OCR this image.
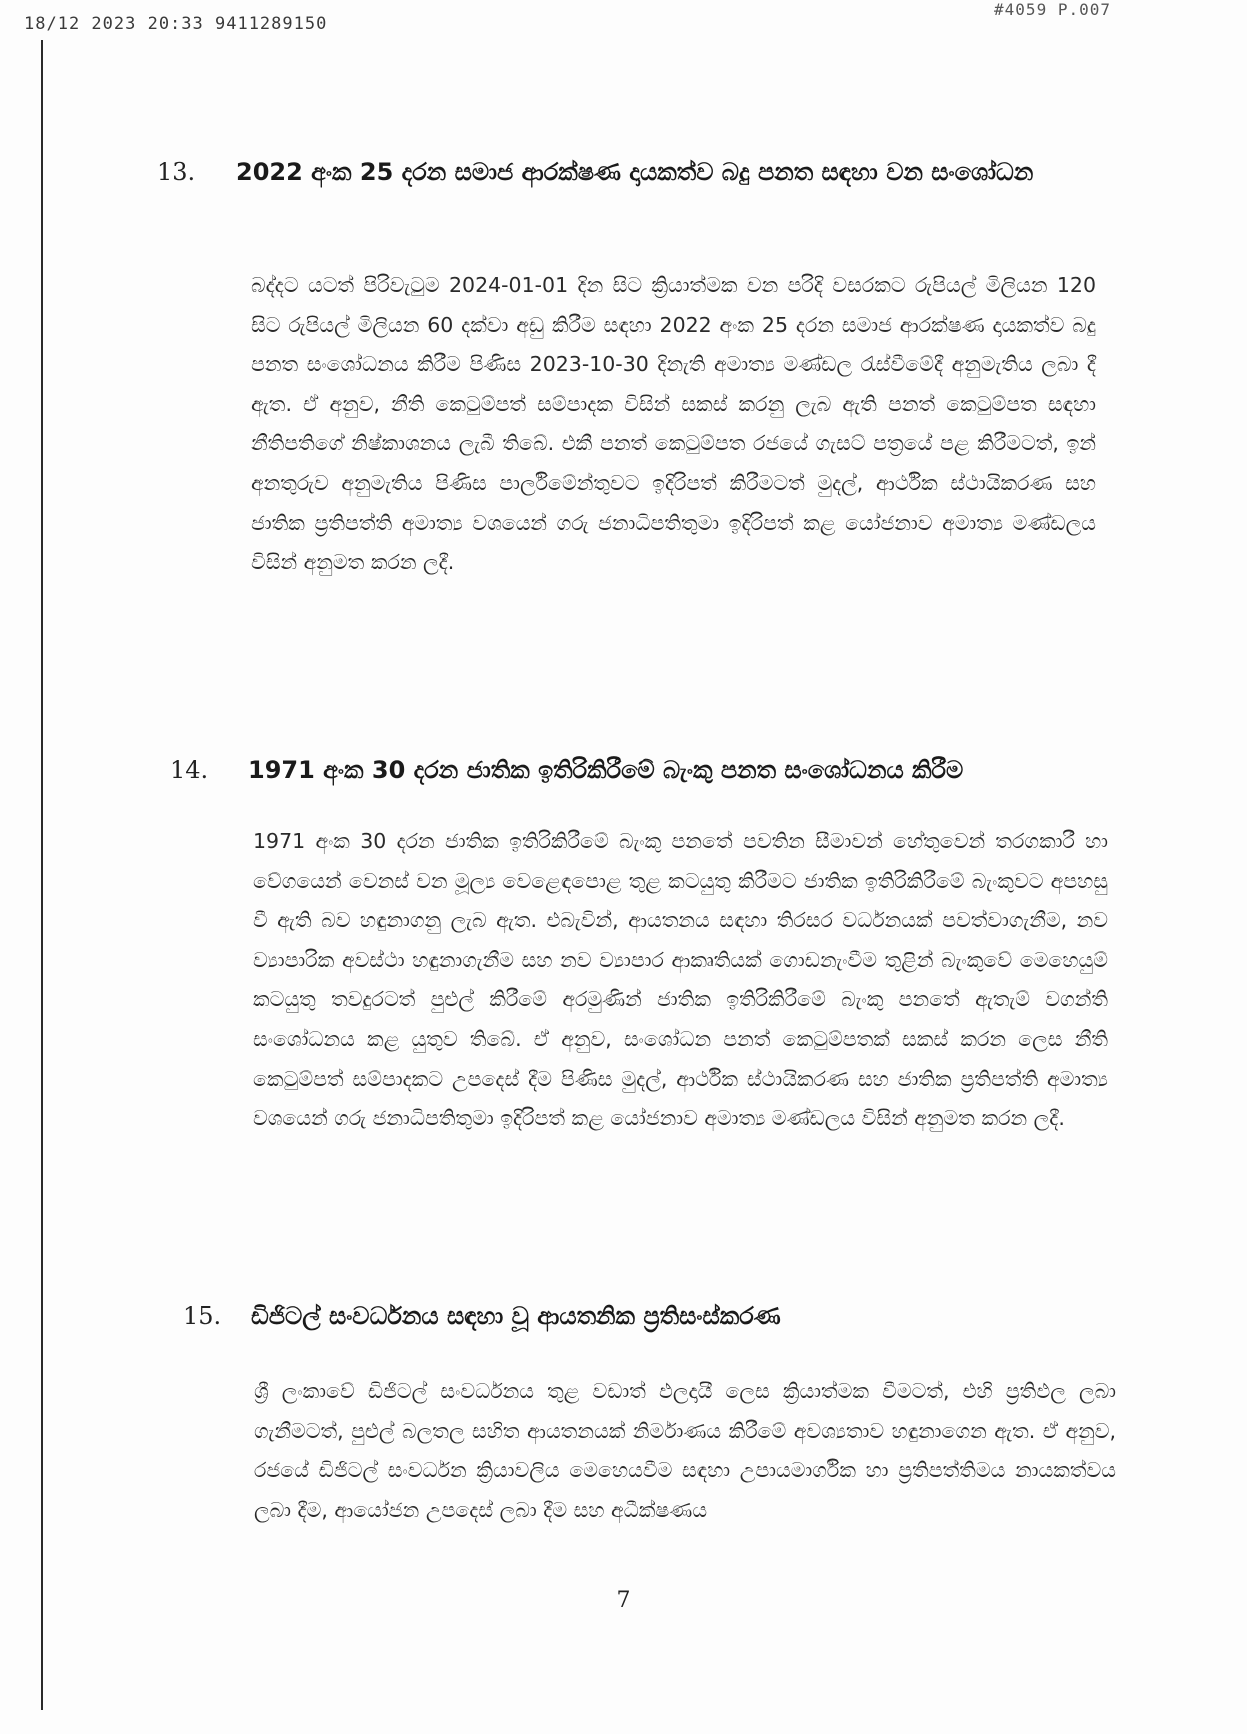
18/12 2023 20:33 9411289150
#4059 P.007
13. 2022 අංක 25 දරන සමාජ ආරක්ෂණ දායකත්ව බදු පනත සඳහා වන සංශෝධන
බද්දට යටත් පිරිවැටුම 2024-01-01 දින සිට ක්‍රියාත්මක වන පරිදි වසරකට රුපියල් මිලියන 120 සිට රුපියල් මිලියන 60 දක්වා අඩු කිරීම සඳහා 2022 අංක 25 දරන සමාජ ආරක්ෂණ දායකත්ව බදු පනත සංශෝධනය කිරීම පිණිස 2023-10-30 දිනැති අමාත්‍ය මණ්ඩල රැස්වීමේදී අනුමැතිය ලබා දී ඇත. ඒ අනුව, නීති කෙටුම්පත් සම්පාදක විසින් සකස් කරනු ලැබ ඇති පනත් කෙටුම්පත සඳහා නීතිපතිගේ නිෂ්කාශනය ලැබී තිබේ. එකී පනත් කෙටුම්පත රජයේ ගැසට් පත්‍රයේ පළ කිරීමටත්, ඉන් අනතුරුව අනුමැතිය පිණිස පාර්ලිමේන්තුවට ඉදිරිපත් කිරීමටත් මුදල්, ආර්ථික ස්ථායිකරණ සහ ජාතික ප්‍රතිපත්ති අමාත්‍ය වශයෙන් ගරු ජනාධිපතිතුමා ඉදිරිපත් කළ යෝජනාව අමාත්‍ය මණ්ඩලය විසින් අනුමත කරන ලදී.
14. 1971 අංක 30 දරන ජාතික ඉතිරිකිරීමේ බැංකු පනත සංශෝධනය කිරීම
1971 අංක 30 දරන ජාතික ඉතිරිකිරීමේ බැංකු පනතේ පවතින සීමාවන් හේතුවෙන් තරගකාරී හා වේගයෙන් වෙනස් වන මූල්‍ය වෙළෙඳපොළ තුළ කටයුතු කිරීමට ජාතික ඉතිරිකිරීමේ බැංකුවට අපහසු වී ඇති බව හඳුනාගනු ලැබ ඇත. එබැවින්, ආයතනය සඳහා තිරසර වර්ධනයක් පවත්වාගැනීම, නව ව්‍යාපාරික අවස්ථා හඳුනාගැනීම සහ නව ව්‍යාපාර ආකෘතියක් ගොඩනැංවීම තුළින් බැංකුවේ මෙහෙයුම් කටයුතු තවදුරටත් පුළුල් කිරීමේ අරමුණින් ජාතික ඉතිරිකිරීමේ බැංකු පනතේ ඇතැම් වගන්ති සංශෝධනය කළ යුතුව තිබේ. ඒ අනුව, සංශෝධන පනත් කෙටුම්පතක් සකස් කරන ලෙස නීති කෙටුම්පත් සම්පාදකට උපදෙස් දීම පිණිස මුදල්, ආර්ථික ස්ථායිකරණ සහ ජාතික ප්‍රතිපත්ති අමාත්‍ය වශයෙන් ගරු ජනාධිපතිතුමා ඉදිරිපත් කළ යෝජනාව අමාත්‍ය මණ්ඩලය විසින් අනුමත කරන ලදී.
15. ඩිජිටල් සංවර්ධනය සඳහා වූ ආයතනික ප්‍රතිසංස්කරණ
ශ්‍රී ලංකාවේ ඩිජිටල් සංවර්ධනය තුළ වඩාත් ඵලදායී ලෙස ක්‍රියාත්මක වීමටත්, එහි ප්‍රතිඵල ලබා ගැනීමටත්, පුළුල් බලතල සහිත ආයතනයක් නිර්මාණය කිරීමේ අවශ්‍යතාව හඳුනාගෙන ඇත. ඒ අනුව, රජයේ ඩිජිටල් සංවර්ධන ක්‍රියාවලිය මෙහෙයවීම සඳහා උපායමාර්ගික හා ප්‍රතිපත්තිමය නායකත්වය ලබා දීම, ආයෝජන උපදෙස් ලබා දීම සහ අධීක්ෂණය
7
